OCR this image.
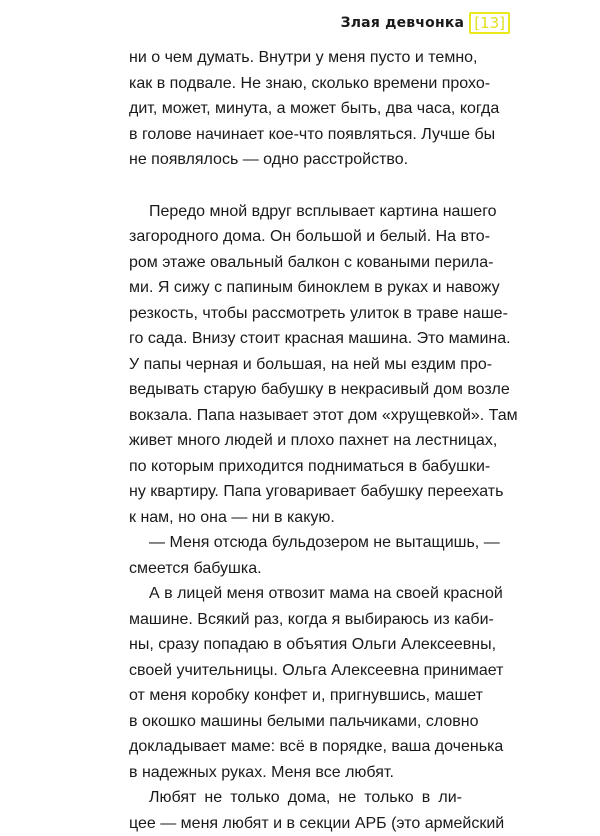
Злая девчонка [13]
ни о чем думать. Внутри у меня пусто и темно,
как в подвале. Не знаю, сколько времени прохо-
дит, может, минута, а может быть, два часа, когда
в голове начинает кое-что появляться. Лучше бы
не появлялось — одно расстройство.
Передо мной вдруг всплывает картина нашего
загородного дома. Он большой и белый. На вто-
ром этаже овальный балкон с коваными перила-
ми. Я сижу с папиным биноклем в руках и навожу
резкость, чтобы рассмотреть улиток в траве наше-
го сада. Внизу стоит красная машина. Это мамина.
У папы черная и большая, на ней мы ездим про-
ведывать старую бабушку в некрасивый дом возле
вокзала. Папа называет этот дом «хрущевкой». Там
живет много людей и плохо пахнет на лестницах,
по которым приходится подниматься в бабушки-
ну квартиру. Папа уговаривает бабушку переехать
к нам, но она — ни в какую.
— Меня отсюда бульдозером не вытащишь, —
смеется бабушка.
А в лицей меня отвозит мама на своей красной
машине. Всякий раз, когда я выбираюсь из каби-
ны, сразу попадаю в объятия Ольги Алексеевны,
своей учительницы. Ольга Алексеевна принимает
от меня коробку конфет и, пригнувшись, машет
в окошко машины белыми пальчиками, словно
докладывает маме: всё в порядке, ваша доченька
в надежных руках. Меня все любят.
Любят не только дома, не только в ли-
цее — меня любят и в секции АРБ (это армейский
